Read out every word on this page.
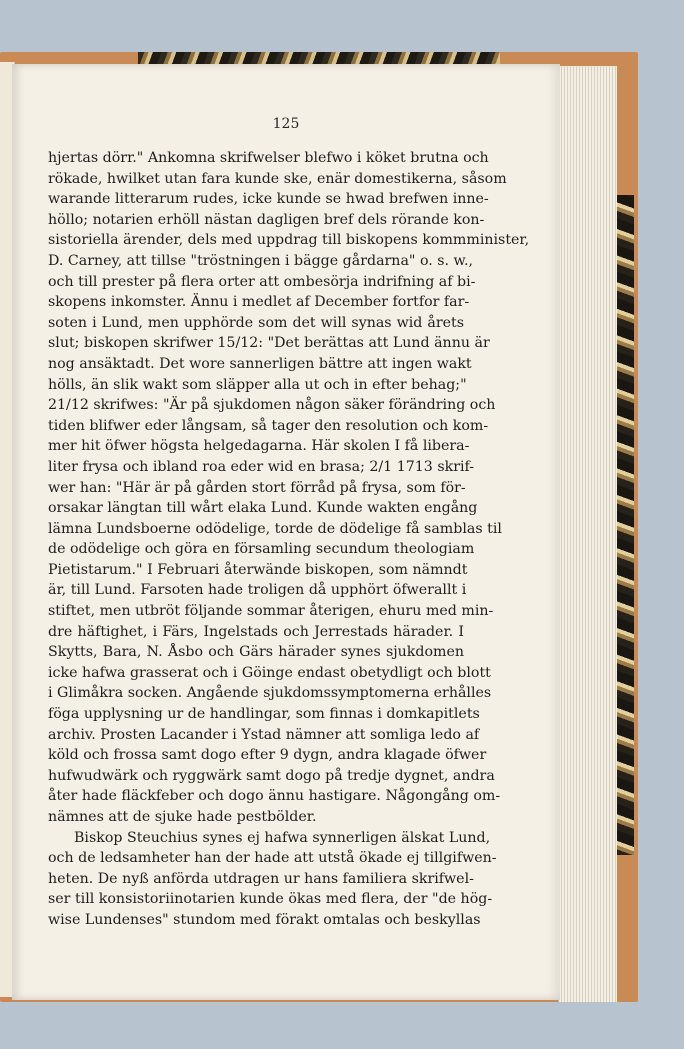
125
hjertas dörr." Ankomna skrifwelser blefwo i köket brutna och
rökade, hwilket utan fara kunde ske, enär domestikerna, såsom
warande litterarum rudes, icke kunde se hwad brefwen inne-
höllo; notarien erhöll nästan dagligen bref dels rörande kon-
sistoriella ärender, dels med uppdrag till biskopens kommminister,
D. Carney, att tillse "tröstningen i bägge gårdarna" o. s. w.,
och till prester på flera orter att ombesörja indrifning af bi-
skopens inkomster. Ännu i medlet af December fortfor far-
soten i Lund, men upphörde som det will synas wid årets
slut; biskopen skrifwer 15/12: "Det berättas att Lund ännu är
nog ansäktadt. Det wore sannerligen bättre att ingen wakt
hölls, än slik wakt som släpper alla ut och in efter behag;"
21/12 skrifwes: "Är på sjukdomen någon säker förändring och
tiden blifwer eder långsam, så tager den resolution och kom-
mer hit öfwer högsta helgedagarna. Här skolen I få libera-
liter frysa och ibland roa eder wid en brasa; 2/1 1713 skrif-
wer han: "Här är på gården stort förråd på frysa, som för-
orsakar längtan till wårt elaka Lund. Kunde wakten engång
lämna Lundsboerne odödelige, torde de dödelige få samblas til
de odödelige och göra en församling secundum theologiam
Pietistarum." I Februari återwände biskopen, som nämndt
är, till Lund. Farsoten hade troligen då upphört öfwerallt i
stiftet, men utbröt följande sommar återigen, ehuru med min-
dre häftighet, i Färs, Ingelstads och Jerrestads härader. I
Skytts, Bara, N. Åsbo och Gärs härader synes sjukdomen
icke hafwa grasserat och i Göinge endast obetydligt och blott
i Glimåkra socken. Angående sjukdomssymptomerna erhålles
föga upplysning ur de handlingar, som finnas i domkapitlets
archiv. Prosten Lacander i Ystad nämner att somliga ledo af
köld och frossa samt dogo efter 9 dygn, andra klagade öfwer
hufwudwärk och ryggwärk samt dogo på tredje dygnet, andra
åter hade fläckfeber och dogo ännu hastigare. Någongång om-
nämnes att de sjuke hade pestbölder.
Biskop Steuchius synes ej hafwa synnerligen älskat Lund,
och de ledsamheter han der hade att utstå ökade ej tillgifwen-
heten. De nyß anförda utdragen ur hans familiera skrifwel-
ser till konsistoriinotarien kunde ökas med flera, der "de hög-
wise Lundenses" stundom med förakt omtalas och beskyllas
